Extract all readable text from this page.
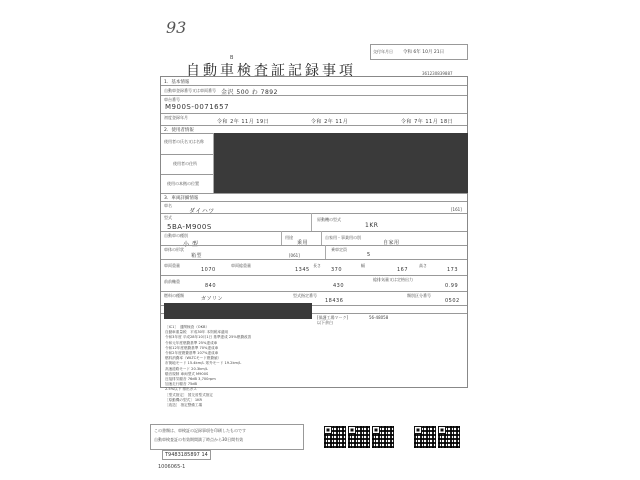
93
B
交付年月日 令和 6年 10月 21日
自動車検査証記録事項	361230839887
1．基本情報
自動車登録番号又は車両番号 金沢 500 わ 7892
車台番号
M900S-0071657
初度登録年月
令和 2年 11月 19日	令和 2年 11月	令和 7年 11月 18日
2．使用者情報
使用者の氏名又は名称
使用者の住所
使用の本拠の位置
3．車両詳細情報
車名
ダイハツ	[161]
型式
5BA-M900S
原動機の型式
1KR
自動車の種別
小 型
用途
乗用
自家用・事業用の別
自家用
車体の形状
箱型	[061]
乗車定員
5
車両重量
1070
車両総重量
1345
長さ
370
幅
167
高さ
173
前前軸重
840	430
総排気量又は定格出力
0.99
燃料の種類
ガソリン
型式指定番号
18436
類別区分番号
0502
[保護工場マーク]	56-48058
以下余白
［IC1］　通関検査（OKB）
自動車重量税　平成30年 本則税率適用
令和3年度 平成28年10月1日 基準達成 25%燃費改善
令和元年度燃費基準 25%達成車
令和12年度燃費基準 70%達成車
令和2年度燃費基準 107%達成車
燃料消費率（WLTCモード燃費値）
市街地モード 15.4km/L 郊外モード 19.2km/L
高速道路モード 20.3km/L
騒音規制 車両型式 M900S
近接排気騒音 76dB 3,700rpm
加速走行騒音 75dB
2.5%以下 排出ガス
［型式指定］ 国交省型式指定
［原動機の型式］ 1KR
［改造］ 指定整備工場
この書類は、車検証の記録事項を印刷したものです
自動車検査証の有効期間満了時点から30日間有効
T9483185897 14
1006065-1
